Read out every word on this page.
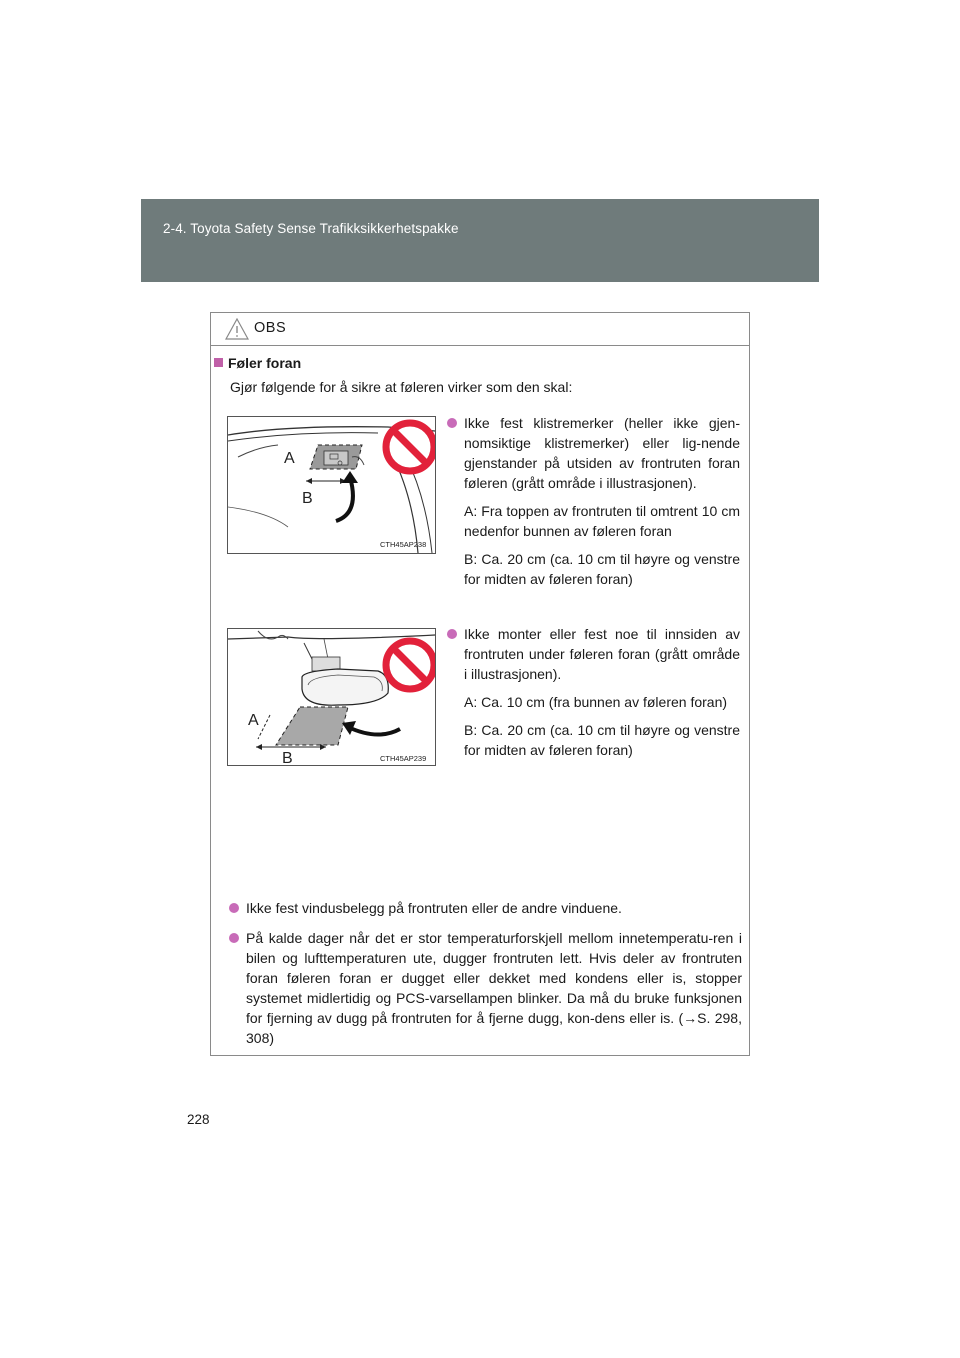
2-4. Toyota Safety Sense Trafikksikkerhetspakke
OBS
Føler foran
Gjør følgende for å sikre at føleren virker som den skal:
A
B
CTH45AP238
A
B	CTH45AP239
Ikke fest klistremerker (heller ikke gjen-nomsiktige klistremerker) eller lig-nende gjenstander på utsiden av frontruten foran føleren (grått område i illustrasjonen).
A: Fra toppen av frontruten til omtrent 10 cm nedenfor bunnen av føleren foran
B: Ca. 20 cm (ca. 10 cm til høyre og venstre for midten av føleren foran)
Ikke monter eller fest noe til innsiden av frontruten under føleren foran (grått område i illustrasjonen).
A: Ca. 10 cm (fra bunnen av føleren foran)
B: Ca. 20 cm (ca. 10 cm til høyre og venstre for midten av føleren foran)
Ikke fest vindusbelegg på frontruten eller de andre vinduene.
På kalde dager når det er stor temperaturforskjell mellom innetemperatu-ren i bilen og lufttemperaturen ute, dugger frontruten lett. Hvis deler av frontruten foran føleren foran er dugget eller dekket med kondens eller is, stopper systemet midlertidig og PCS-varsellampen blinker. Da må du bruke funksjonen for fjerning av dugg på frontruten for å fjerne dugg, kon-dens eller is. (→S. 298, 308)
228
